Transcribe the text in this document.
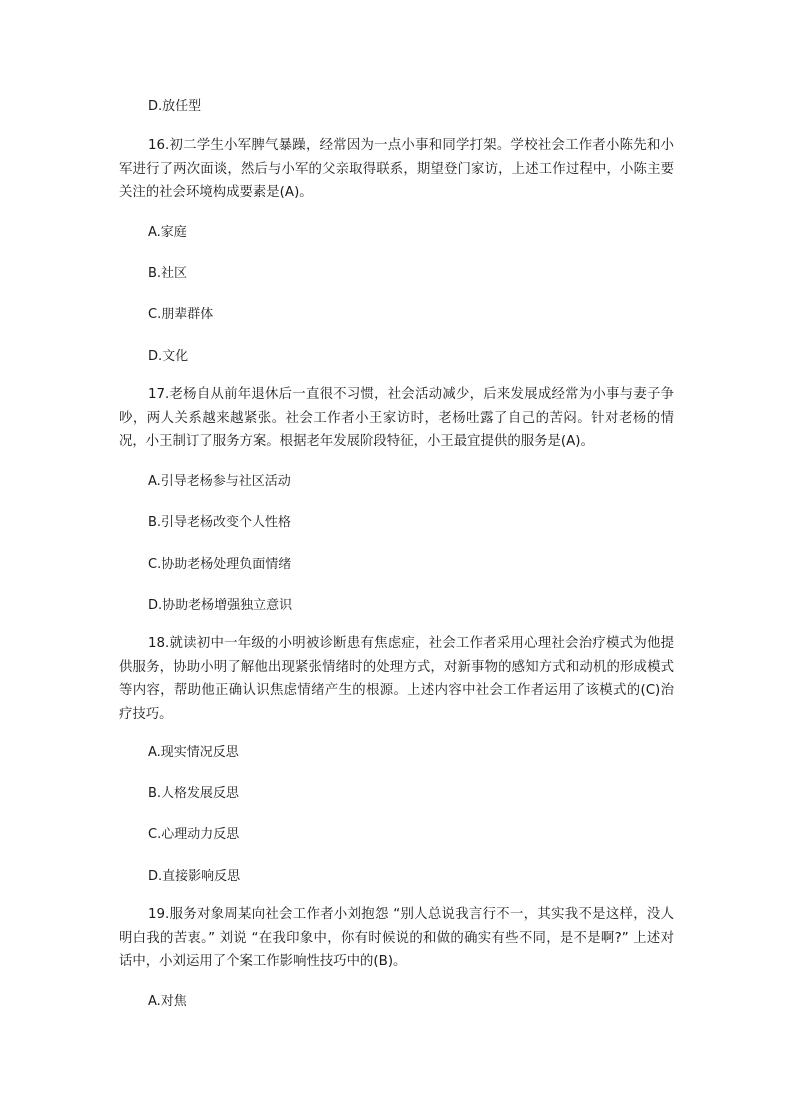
D.放任型

16.初二学生小军脾气暴躁，经常因为一点小事和同学打架。学校社会工作者小陈先和小军进行了两次面谈，然后与小军的父亲取得联系，期望登门家访，上述工作过程中，小陈主要关注的社会环境构成要素是(A)。

A.家庭
B.社区
C.朋辈群体
D.文化

17.老杨自从前年退休后一直很不习惯，社会活动减少，后来发展成经常为小事与妻子争吵，两人关系越来越紧张。社会工作者小王家访时，老杨吐露了自己的苦闷。针对老杨的情况，小王制订了服务方案。根据老年发展阶段特征，小王最宜提供的服务是(A)。

A.引导老杨参与社区活动
B.引导老杨改变个人性格
C.协助老杨处理负面情绪
D.协助老杨增强独立意识

18.就读初中一年级的小明被诊断患有焦虑症，社会工作者采用心理社会治疗模式为他提供服务，协助小明了解他出现紧张情绪时的处理方式，对新事物的感知方式和动机的形成模式等内容，帮助他正确认识焦虑情绪产生的根源。上述内容中社会工作者运用了该模式的(C)治疗技巧。

A.现实情况反思
B.人格发展反思
C.心理动力反思
D.直接影响反思

19.服务对象周某向社会工作者小刘抱怨 “别人总说我言行不一，其实我不是这样，没人明白我的苦衷。” 刘说 “在我印象中，你有时候说的和做的确实有些不同，是不是啊?” 上述对话中，小刘运用了个案工作影响性技巧中的(B)。

A.对焦
